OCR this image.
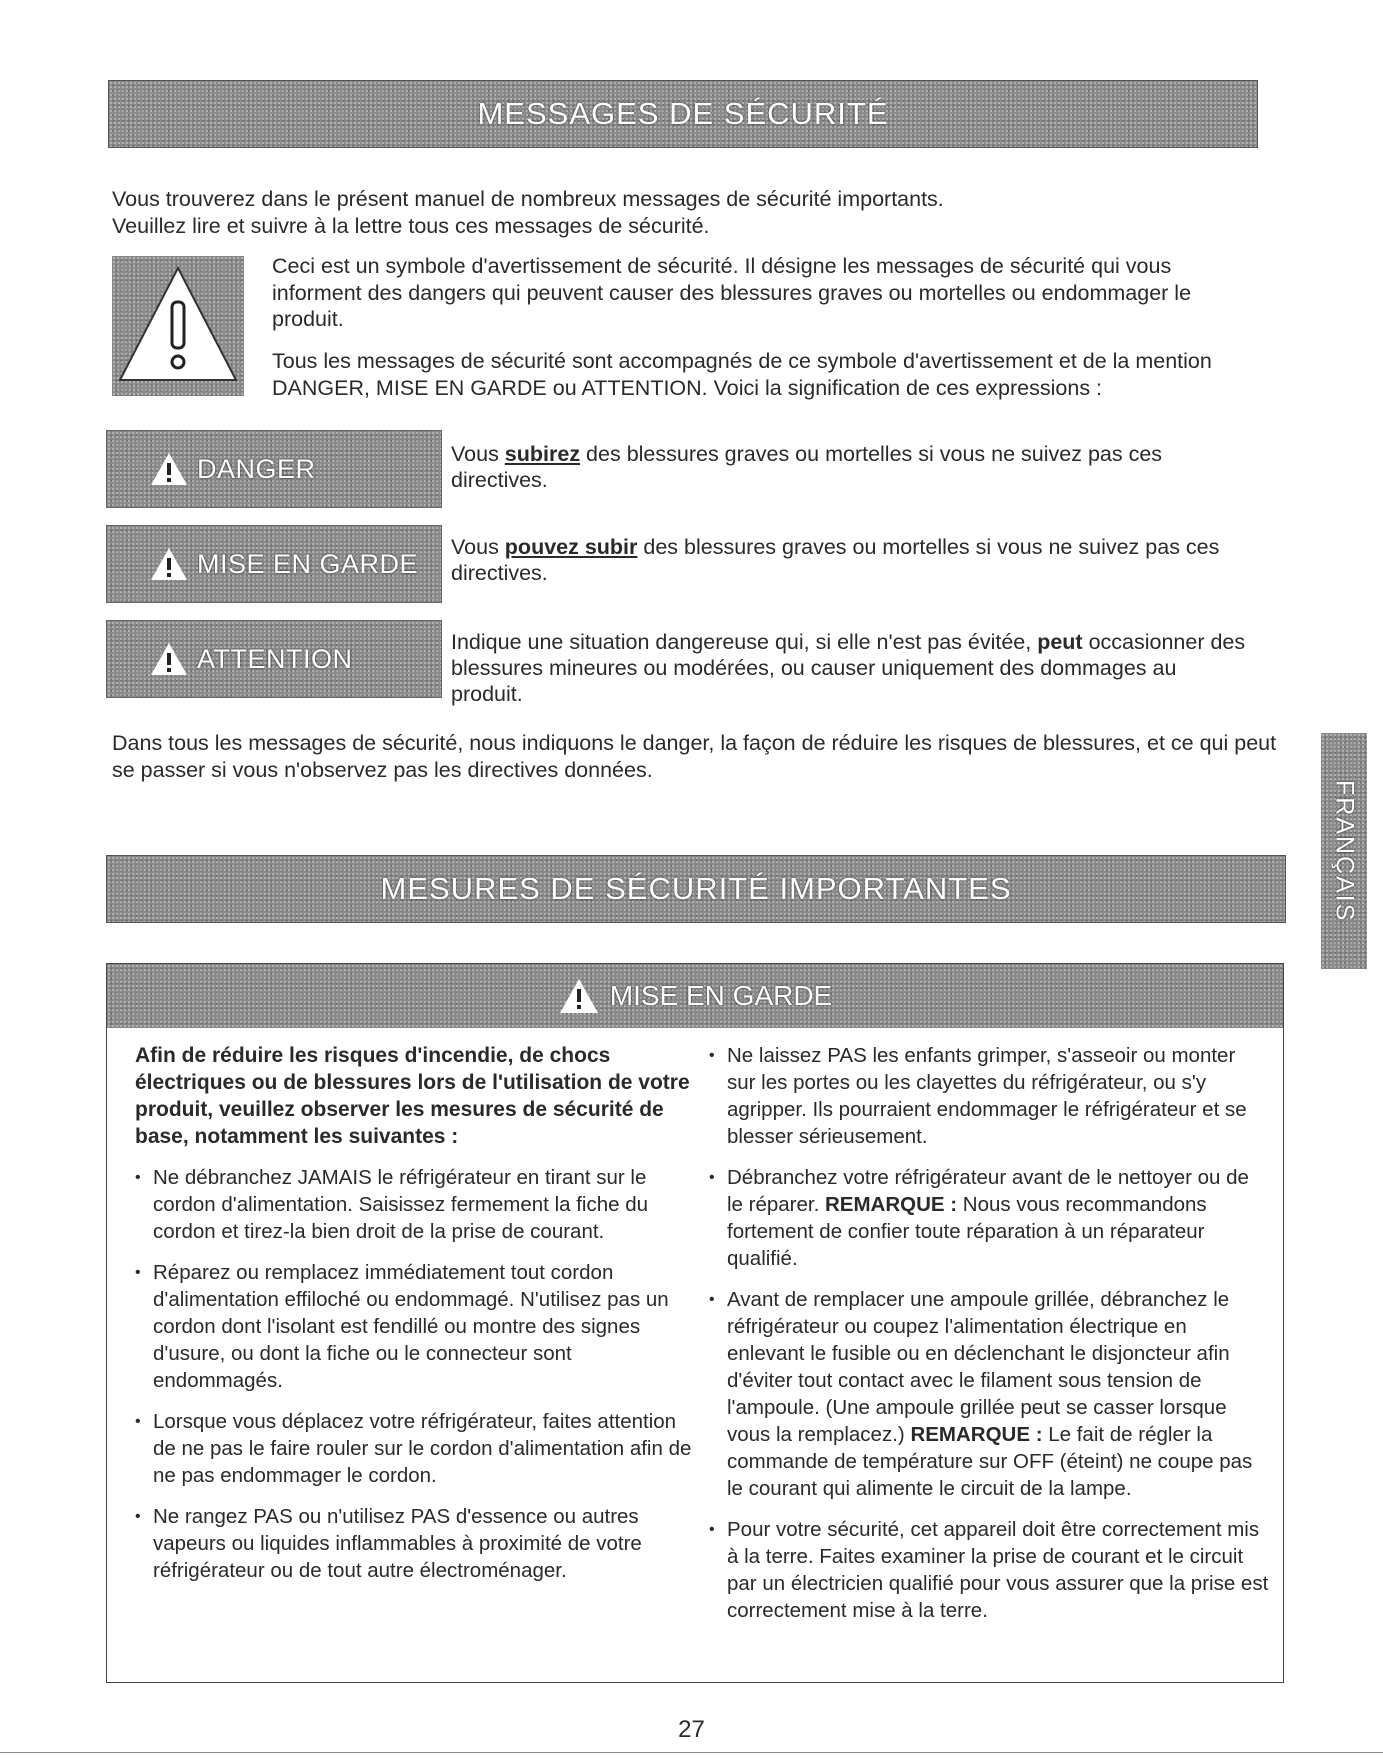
MESSAGES DE SÉCURITÉ

Vous trouverez dans le présent manuel de nombreux messages de sécurité importants.

Veuillez lire et suivre à la lettre tous ces messages de sécurité.

Ceci est un symbole d'avertissement de sécurité. Il désigne les messages de sécurité qui vous informent des dangers qui peuvent causer des blessures graves ou mortelles ou endommager le produit.

Tous les messages de sécurité sont accompagnés de ce symbole d'avertissement et de la mention DANGER, MISE EN GARDE ou ATTENTION. Voici la signification de ces expressions :

DANGER	Vous subirez des blessures graves ou mortelles si vous ne suivez pas ces directives.
MISE EN GARDE
Vous pouvez subir des blessures graves ou mortelles si vous ne suivez pas ces directives.
ATTENTION
Indique une situation dangereuse qui, si elle n'est pas évitée, peut occasionner des blessures mineures ou modérées, ou causer uniquement des dommages au produit.

Dans tous les messages de sécurité, nous indiquons le danger, la façon de réduire les risques de blessures, et ce qui peut se passer si vous n'observez pas les directives données.

MESURES DE SÉCURITÉ IMPORTANTES	FRANÇAIS
MISE EN GARDE

Afin de réduire les risques d'incendie, de chocs électriques ou de blessures lors de l'utilisation de votre produit, veuillez observer les mesures de sécurité de base, notamment les suivantes :

• Ne débranchez JAMAIS le réfrigérateur en tirant sur le cordon d'alimentation. Saisissez fermement la fiche du cordon et tirez-la bien droit de la prise de courant.
• Réparez ou remplacez immédiatement tout cordon d'alimentation effiloché ou endommagé. N'utilisez pas un cordon dont l'isolant est fendillé ou montre des signes d'usure, ou dont la fiche ou le connecteur sont endommagés.
• Lorsque vous déplacez votre réfrigérateur, faites attention de ne pas le faire rouler sur le cordon d'alimentation afin de ne pas endommager le cordon.
• Ne rangez PAS ou n'utilisez PAS d'essence ou autres vapeurs ou liquides inflammables à proximité de votre réfrigérateur ou de tout autre électroménager.
• Ne laissez PAS les enfants grimper, s'asseoir ou monter sur les portes ou les clayettes du réfrigérateur, ou s'y agripper. Ils pourraient endommager le réfrigérateur et se blesser sérieusement.
• Débranchez votre réfrigérateur avant de le nettoyer ou de le réparer. REMARQUE : Nous vous recommandons fortement de confier toute réparation à un réparateur qualifié.
• Avant de remplacer une ampoule grillée, débranchez le réfrigérateur ou coupez l'alimentation électrique en enlevant le fusible ou en déclenchant le disjoncteur afin d'éviter tout contact avec le filament sous tension de l'ampoule. (Une ampoule grillée peut se casser lorsque vous la remplacez.) REMARQUE : Le fait de régler la commande de température sur OFF (éteint) ne coupe pas le courant qui alimente le circuit de la lampe.
• Pour votre sécurité, cet appareil doit être correctement mis à la terre. Faites examiner la prise de courant et le circuit par un électricien qualifié pour vous assurer que la prise est correctement mise à la terre.
27
